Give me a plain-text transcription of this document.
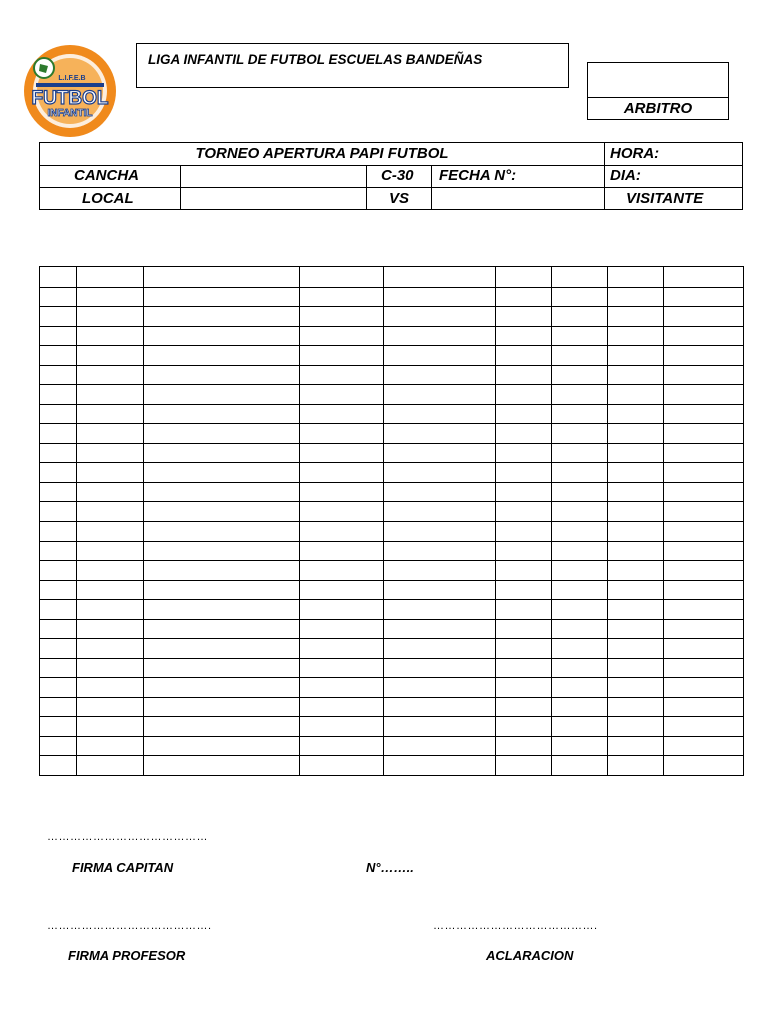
L.I.F.E.B
FUTBOL
INFANTIL
LIGA INFANTIL DE FUTBOL ESCUELAS BANDEÑAS
ARBITRO
TORNEO APERTURA PAPI FUTBOL	HORA:
CANCHA	C-30 FECHA N°:	DIA:
LOCAL	VS	VISITANTE
……………………………………
FIRMA CAPITAN	N°……..
…………………………………….
FIRMA PROFESOR
…………………………………….
ACLARACION
